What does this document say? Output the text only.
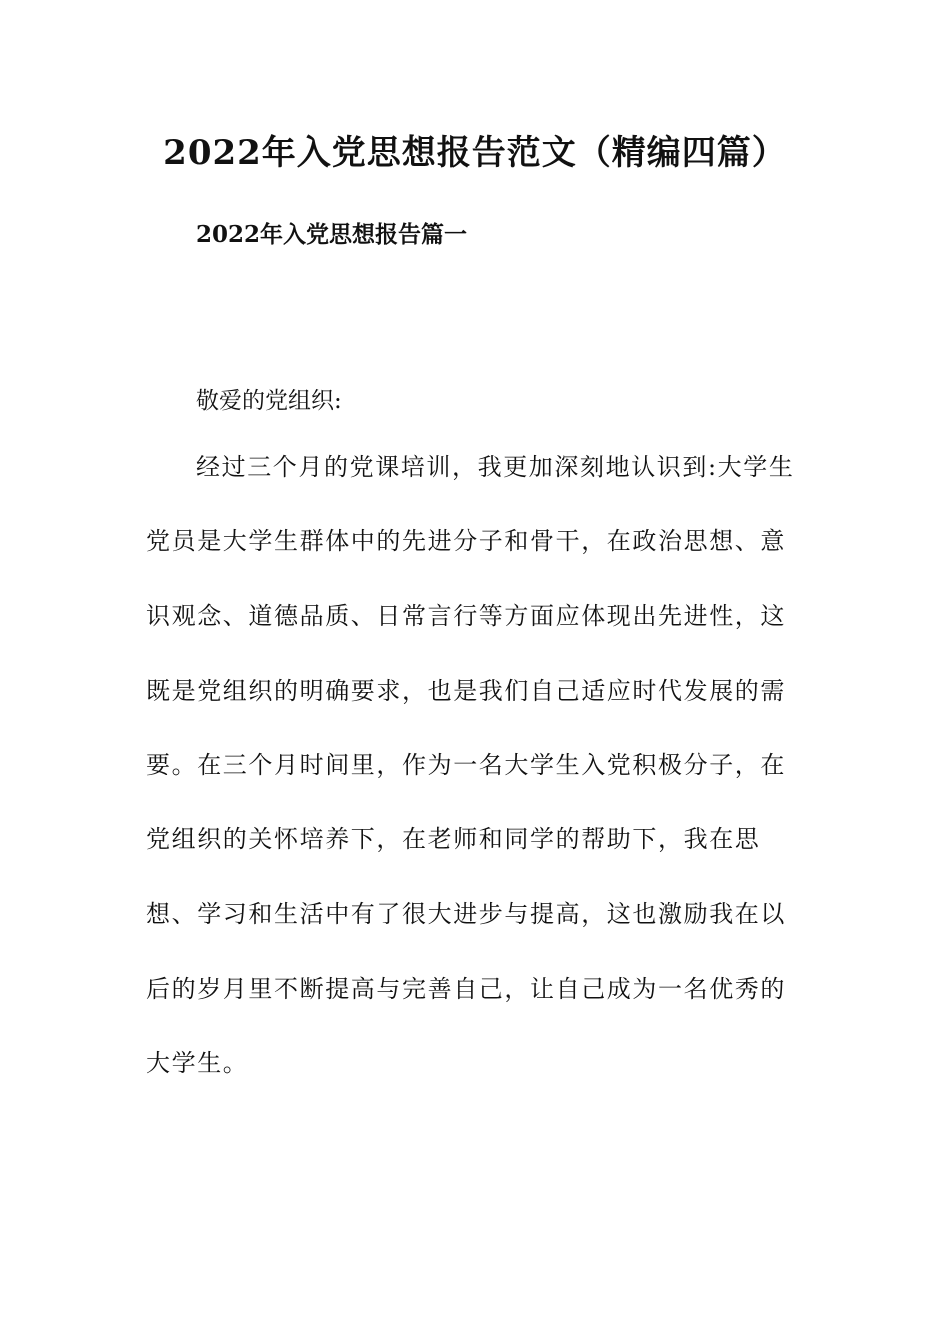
2022年入党思想报告范文（精编四篇）
2022年入党思想报告篇一
敬爱的党组织:
经过三个月的党课培训，我更加深刻地认识到:大学生
党员是大学生群体中的先进分子和骨干，在政治思想、意
识观念、道德品质、日常言行等方面应体现出先进性，这
既是党组织的明确要求，也是我们自己适应时代发展的需
要。在三个月时间里，作为一名大学生入党积极分子，在
党组织的关怀培养下，在老师和同学的帮助下，我在思
想、学习和生活中有了很大进步与提高，这也激励我在以
后的岁月里不断提高与完善自己，让自己成为一名优秀的
大学生。
